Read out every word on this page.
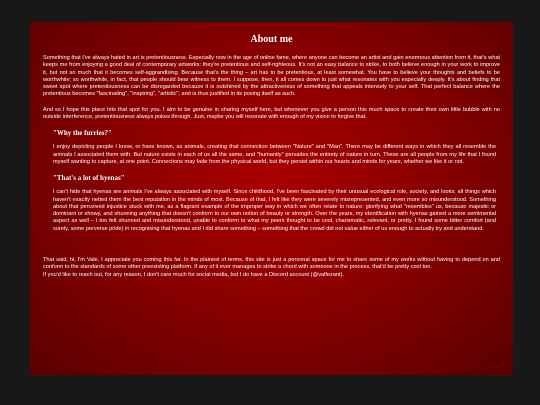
About me

Something that I've always hated in art is pretentiousness. Especially now in the age of online fame, where anyone can become an artist and gain enormous attention from it, that's what keeps me from enjoying a good deal of contemporary artworks: they're pretentious and self-righteous. It's not an easy balance to strike, to both believe enough in your work to improve it, but not so much that it becomes self-aggrandising. Because that's the thing – art has to be pretentious, at least somewhat. You have to believe your thoughts and beliefs to be worthwhile; so worthwhile, in fact, that people should bear witness to them. I suppose, then, it all comes down to just what resonates with you especially deeply. It's about finding that sweet spot where pretentiousness can be disregarded because it is outshined by the attractiveness of something that appeals intensely to your self. That perfect balance where the pretentious becomes "fascinating", "inspiring", "artistic"; and is thus justified in its posing itself as such.

And so I hope this place hits that spot for you. I aim to be genuine in sharing myself here, but whenever you give a person this much space to create their own little bubble with no outside interference, pretentiousness always pokes through. Just, maybe you will resonate with enough of my vision to forgive that.

"Why the furries?"

I enjoy depicting people I know, or have known, as animals, creating that connection between "Nature" and "Man". There may be different ways in which they all resemble the animals I associated them with. But nature exists in each of us all the same, and "humanity" pervades the entirety of nature in turn. These are all people from my life that I found myself wanting to capture, at one point. Connections may fade from the physical world, but they persist within our hearts and minds for years, whether we like it or not.

"That's a lot of hyenas"

I can't hide that hyenas are animals I've always associated with myself. Since childhood, I've been fascinated by their unusual ecological role, society, and looks; all things which haven't exactly netted them the best reputation in the minds of most. Because of that, I felt like they were severely misrepresented, and even more so misunderstood. Something about that perceived injustice stuck with me, as a flagrant example of the improper way in which we often relate to nature: glorifying what "resembles" us, because majestic or dominant or showy, and shunning anything that doesn't conform to our own notion of beauty or strength. Over the years, my identification with hyenas gained a more sentimental aspect as well – I too felt shunned and misunderstood, unable to conform to what my peers thought to be cool, charismatic, relevant, or pretty. I found some bitter comfort (and surely, some perverse pride) in recognising that hyenas and I did share something – something that the crowd did not value either of us enough to actually try and understand.

That said; hi, I'm Vale. I appreciate you coming this far. In the plainest of terms, this site is just a personal space for me to share some of my works without having to depend on and conform to the standards of some other preexisting platform. If any of it ever manages to strike a chord with someone in the process, that'd be pretty cool too.

If you'd like to reach out, for any reason, I don't care much for social media, but I do have a Discord account (@valfezant).

Top
